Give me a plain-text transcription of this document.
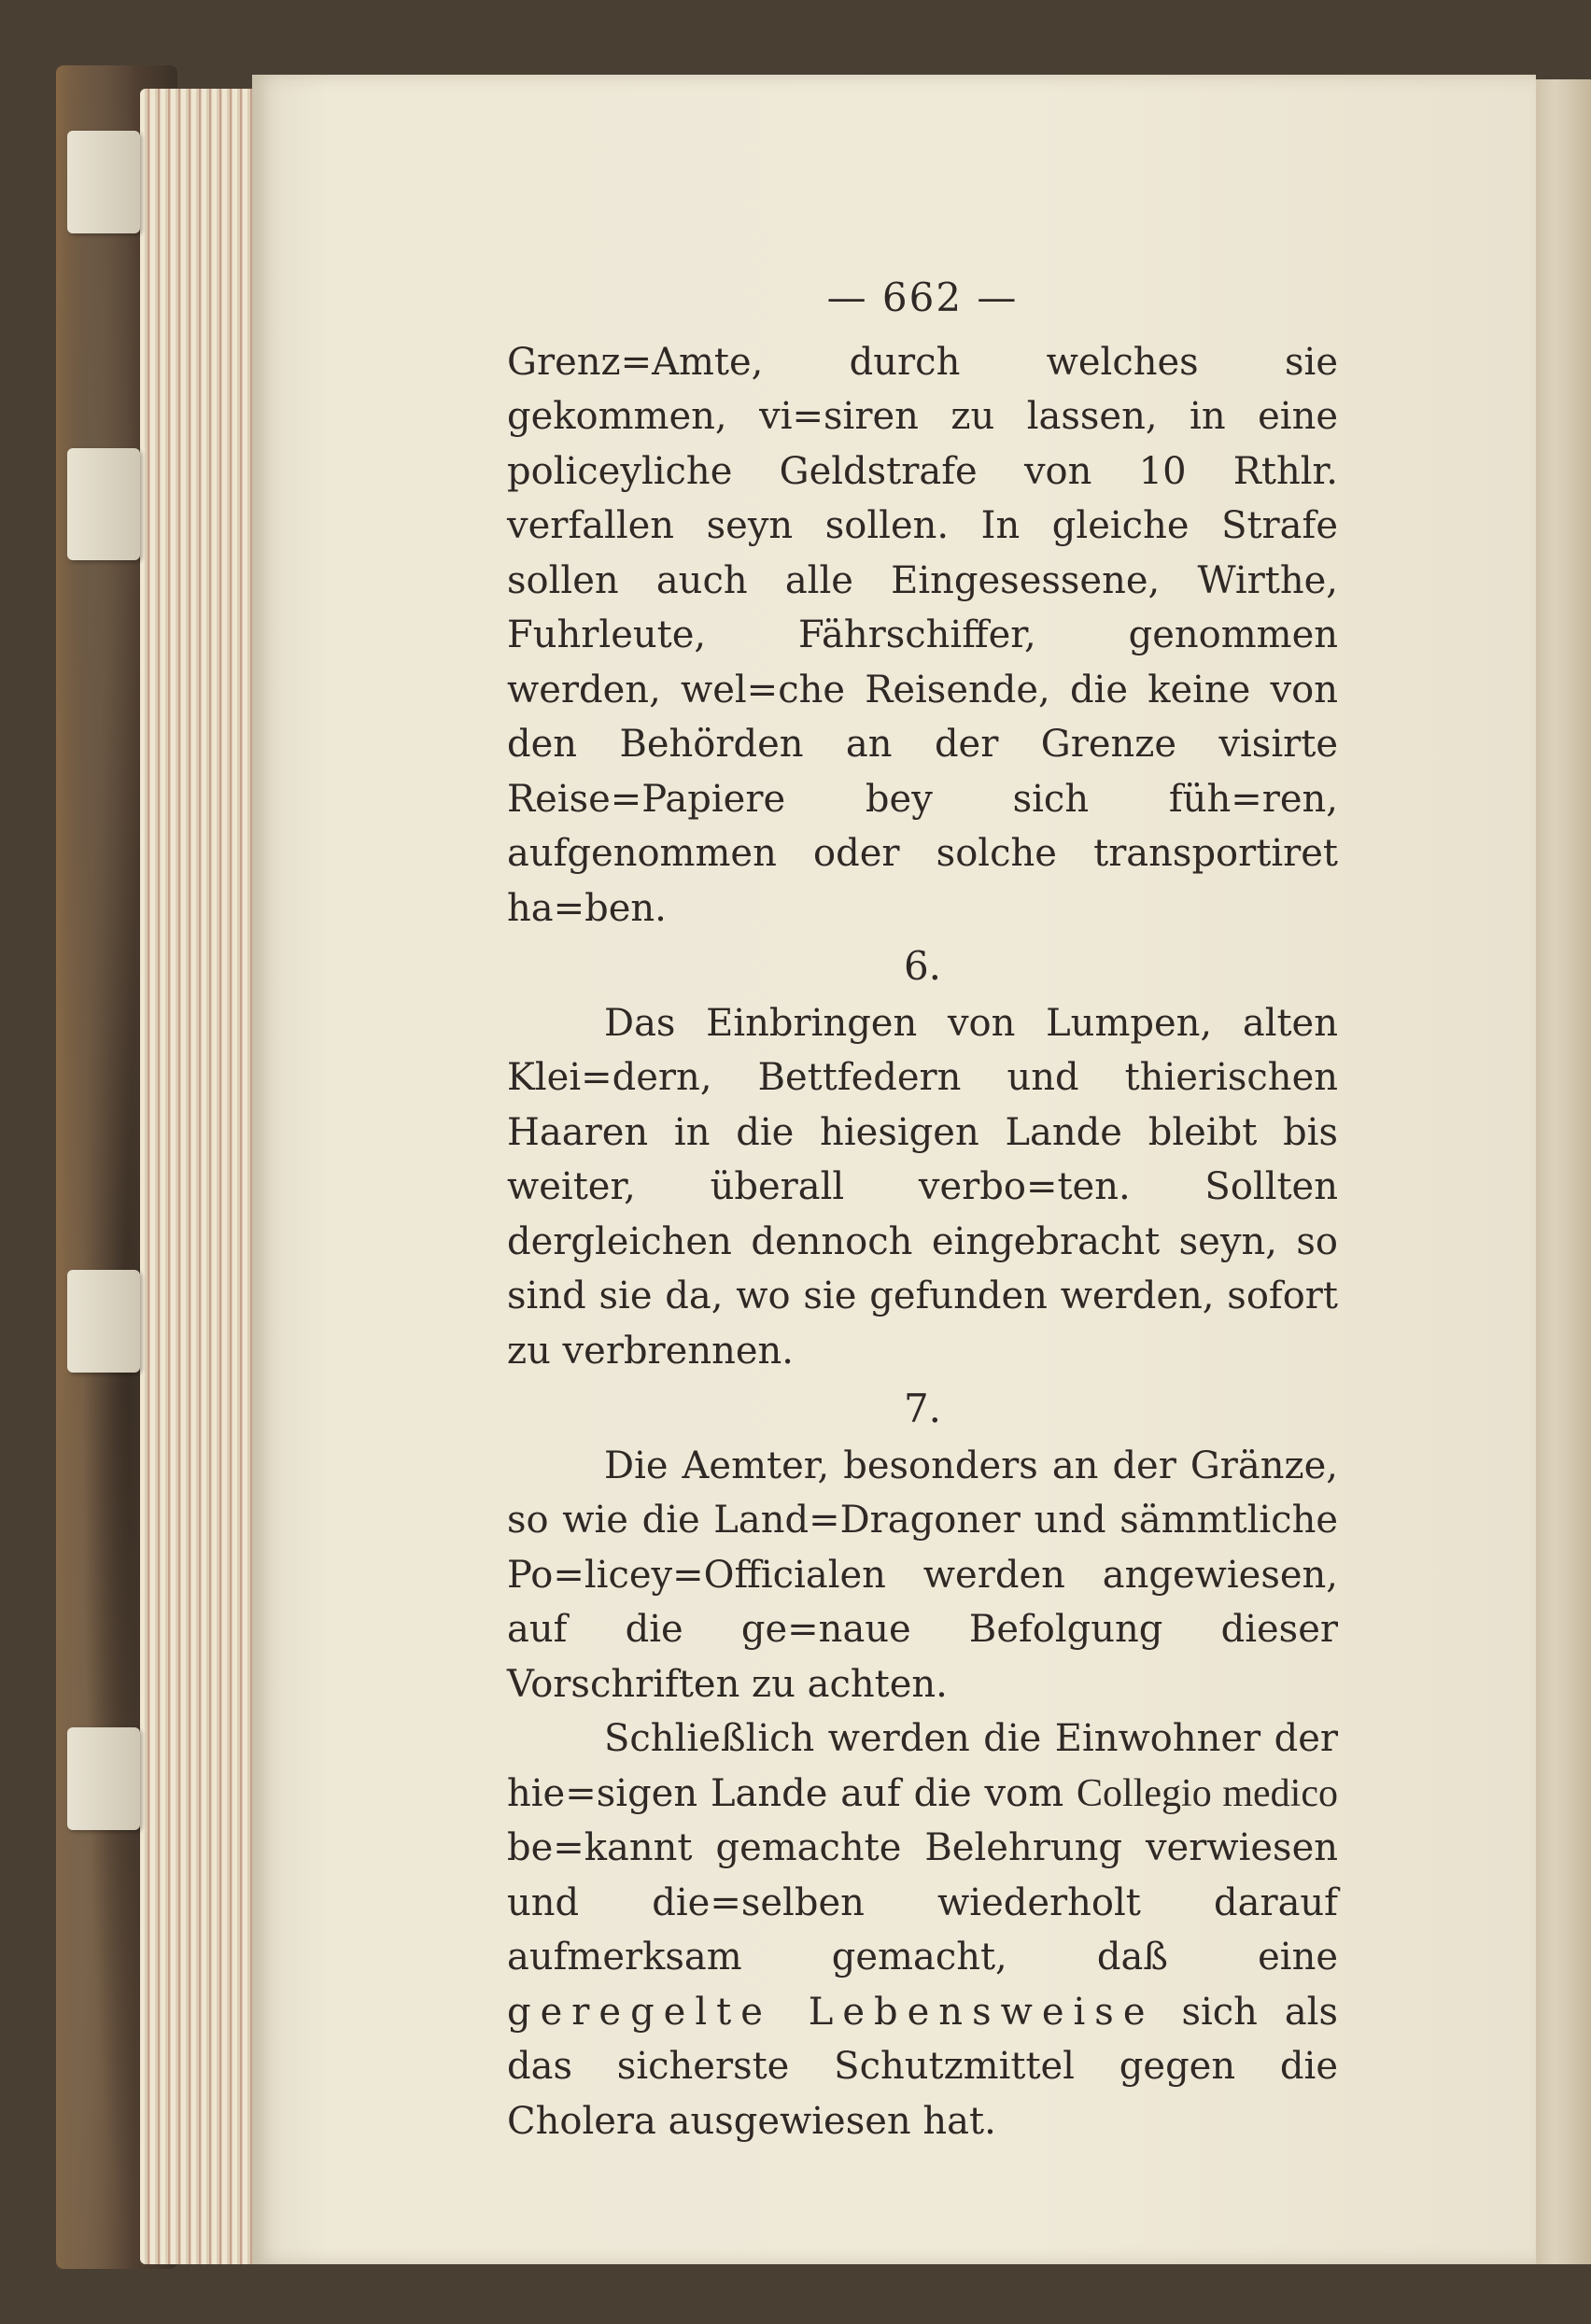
— 662 —

Grenz=Amte, durch welches sie gekommen, vi=siren zu lassen, in eine policeyliche Geldstrafe von 10 Rthlr. verfallen seyn sollen. In gleiche Strafe sollen auch alle Eingesessene, Wirthe, Fuhrleute, Fährschiffer, genommen werden, wel=che Reisende, die keine von den Behörden an der Grenze visirte Reise=Papiere bey sich füh=ren, aufgenommen oder solche transportiret ha=ben.

6.

Das Einbringen von Lumpen, alten Klei=dern, Bettfedern und thierischen Haaren in die hiesigen Lande bleibt bis weiter, überall verbo=ten. Sollten dergleichen dennoch eingebracht seyn, so sind sie da, wo sie gefunden werden, sofort zu verbrennen.

7.

Die Aemter, besonders an der Gränze, so wie die Land=Dragoner und sämmtliche Po=licey=Officialen werden angewiesen, auf die ge=naue Befolgung dieser Vorschriften zu achten.

Schließlich werden die Einwohner der hie=sigen Lande auf die vom Collegio medico be=kannt gemachte Belehrung verwiesen und die=selben wiederholt darauf aufmerksam gemacht, daß eine geregelte Lebensweise sich als das sicherste Schutzmittel gegen die Cholera ausgewiesen hat.
